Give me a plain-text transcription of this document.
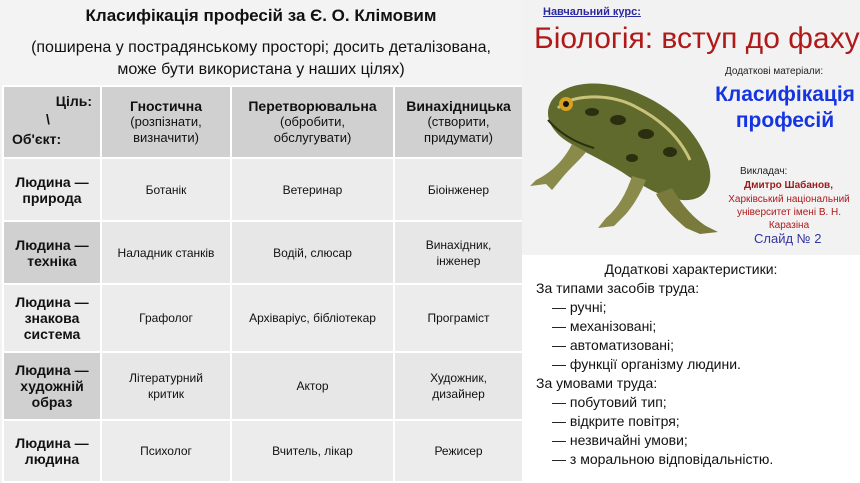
Класифікація професій за Є. О. Клімовим
(поширена у пострадянському просторі; досить деталізована,
може бути використана у наших цілях)
Ціль:
\
Об'єкт:	Гностична
(розпізнати,
визначити)	Перетворювальна
(обробити,
обслугувати)	Винахідницька
(створити,
придумати)
Людина —
природа	Ботанік	Ветеринар	Біоінженер
Людина —
техніка	Наладник станків	Водій, слюсар	Винахідник,
інженер
Людина —
знакова
система	Графолог	Архіваріус, бібліотекар	Програміст
Людина —
художній
образ	Літературний
критик	Актор	Художник,
дизайнер
Людина —
людина	Психолог	Вчитель, лікар	Режисер
Навчальний курс:
Біологія: вступ до фаху
Додаткові матеріали:
Класифікація
професій
Викладач:
Дмитро Шабанов,
Харківський національний
університет імені В. Н. Каразіна
Слайд № 2
Додаткові характеристики:
За типами засобів труда:
— ручні;
— механізовані;
— автоматизовані;
— функції організму людини.
За умовами труда:
— побутовий тип;
— відкрите повітря;
— незвичайні умови;
— з моральною відповідальністю.
